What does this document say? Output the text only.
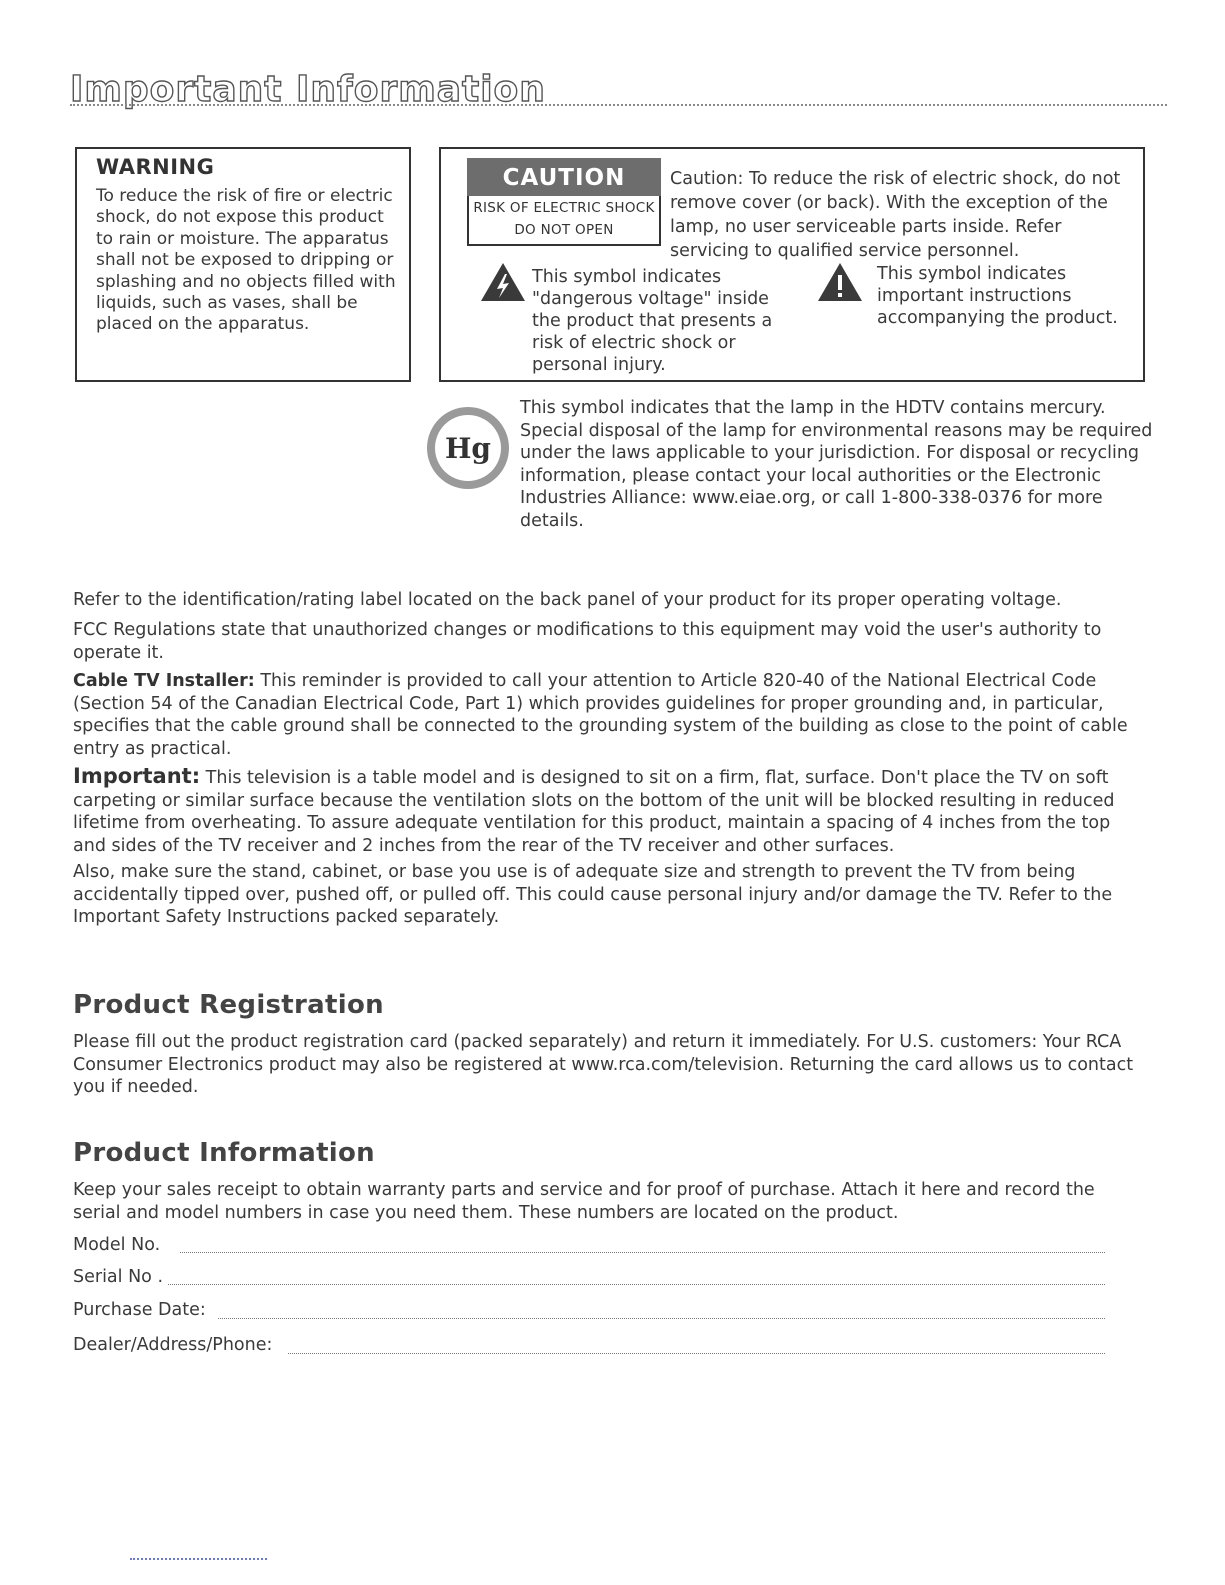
Important Information
WARNING
To reduce the risk of fire or electric shock, do not expose this product to rain or moisture. The apparatus shall not be exposed to dripping or splashing and no objects filled with liquids, such as vases, shall be placed on the apparatus.
CAUTION
RISK OF ELECTRIC SHOCK
DO NOT OPEN
Caution: To reduce the risk of electric shock, do not remove cover (or back). With the exception of the lamp, no user serviceable parts inside. Refer servicing to qualified service personnel.
This symbol indicates "dangerous voltage" inside the product that presents a risk of electric shock or personal injury.
This symbol indicates important instructions accompanying the product.
Hg
This symbol indicates that the lamp in the HDTV contains mercury. Special disposal of the lamp for environmental reasons may be required under the laws applicable to your jurisdiction. For disposal or recycling information, please contact your local authorities or the Electronic Industries Alliance: www.eiae.org, or call 1-800-338-0376 for more details.
Refer to the identification/rating label located on the back panel of your product for its proper operating voltage.
FCC Regulations state that unauthorized changes or modifications to this equipment may void the user's authority to operate it.
Cable TV Installer: This reminder is provided to call your attention to Article 820-40 of the National Electrical Code (Section 54 of the Canadian Electrical Code, Part 1) which provides guidelines for proper grounding and, in particular, specifies that the cable ground shall be connected to the grounding system of the building as close to the point of cable entry as practical.
Important: This television is a table model and is designed to sit on a firm, flat, surface. Don't place the TV on soft carpeting or similar surface because the ventilation slots on the bottom of the unit will be blocked resulting in reduced lifetime from overheating. To assure adequate ventilation for this product, maintain a spacing of 4 inches from the top and sides of the TV receiver and 2 inches from the rear of the TV receiver and other surfaces.
Also, make sure the stand, cabinet, or base you use is of adequate size and strength to prevent the TV from being accidentally tipped over, pushed off, or pulled off. This could cause personal injury and/or damage the TV. Refer to the Important Safety Instructions packed separately.
Product Registration
Please fill out the product registration card (packed separately) and return it immediately. For U.S. customers: Your RCA Consumer Electronics product may also be registered at www.rca.com/television. Returning the card allows us to contact you if needed.
Product Information
Keep your sales receipt to obtain warranty parts and service and for proof of purchase. Attach it here and record the serial and model numbers in case you need them. These numbers are located on the product.
Model No.
Serial No .
Purchase Date:
Dealer/Address/Phone:
